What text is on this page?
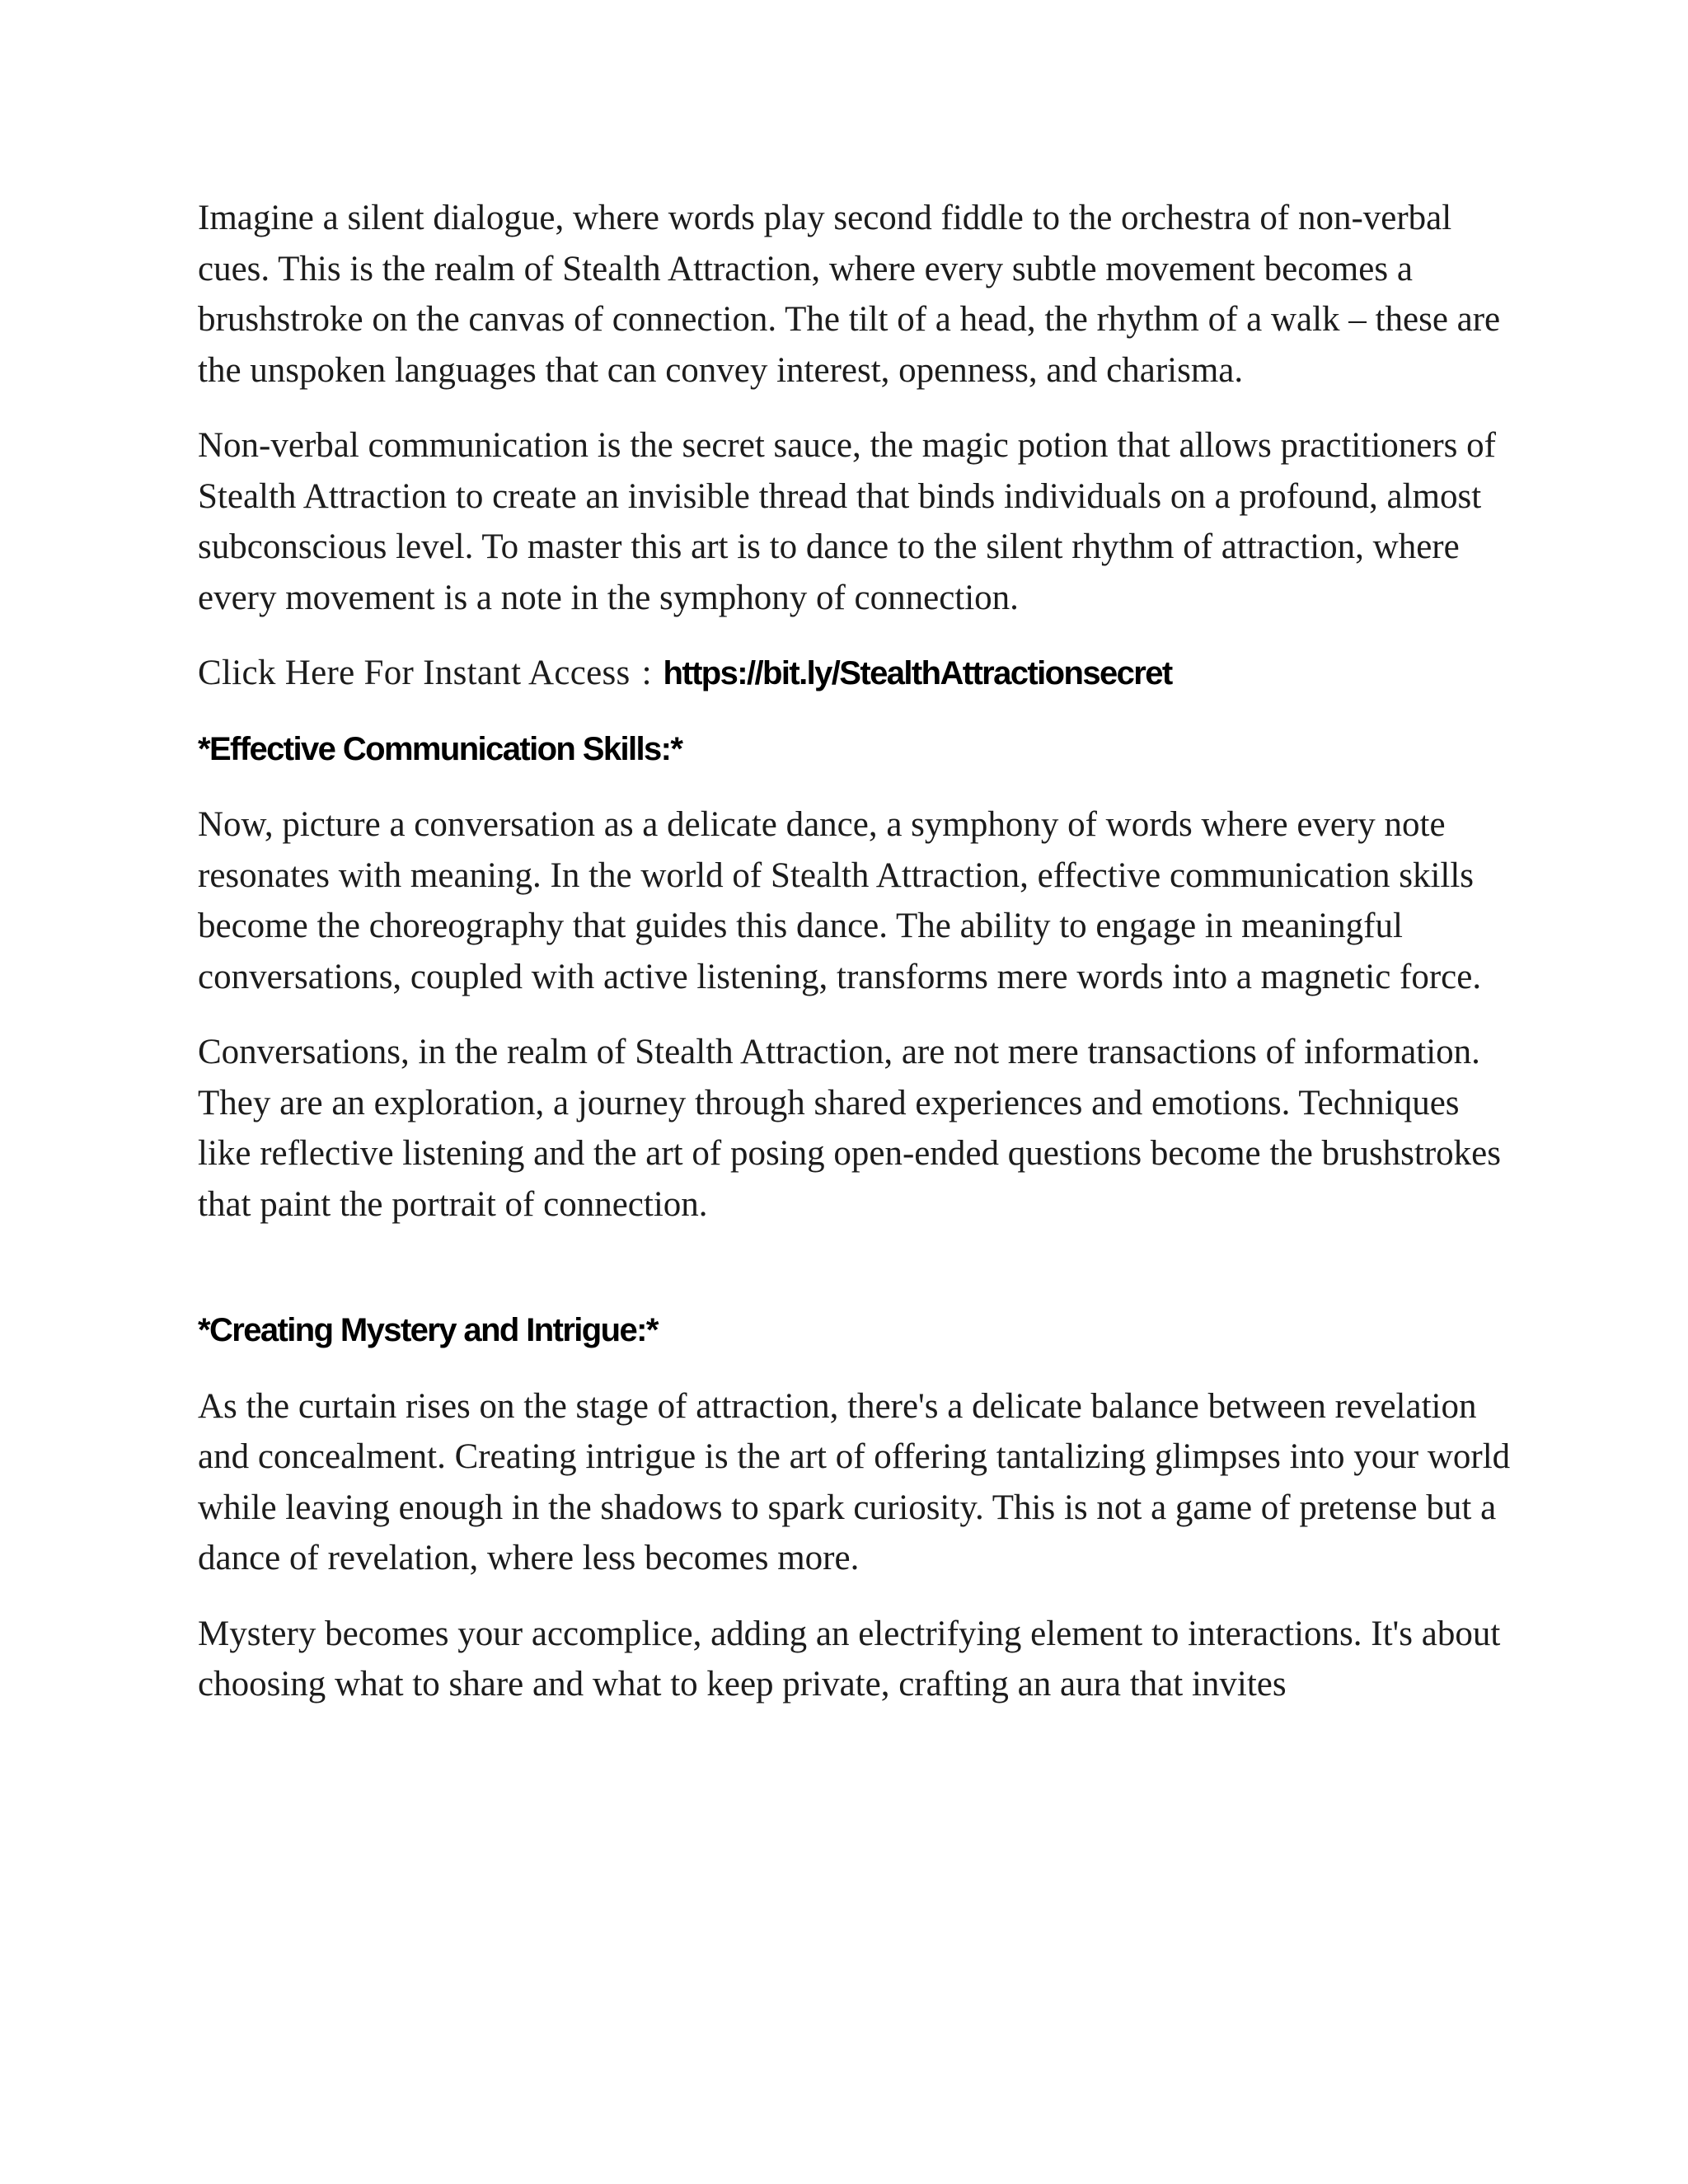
Imagine a silent dialogue, where words play second fiddle to the orchestra of non-verbal cues. This is the realm of Stealth Attraction, where every subtle movement becomes a brushstroke on the canvas of connection. The tilt of a head, the rhythm of a walk – these are the unspoken languages that can convey interest, openness, and charisma.

Non-verbal communication is the secret sauce, the magic potion that allows practitioners of Stealth Attraction to create an invisible thread that binds individuals on a profound, almost subconscious level. To master this art is to dance to the silent rhythm of attraction, where every movement is a note in the symphony of connection.

Click Here For Instant Access : https://bit.ly/StealthAttractionsecret
*Effective Communication Skills:*

Now, picture a conversation as a delicate dance, a symphony of words where every note resonates with meaning. In the world of Stealth Attraction, effective communication skills become the choreography that guides this dance. The ability to engage in meaningful conversations, coupled with active listening, transforms mere words into a magnetic force.

Conversations, in the realm of Stealth Attraction, are not mere transactions of information. They are an exploration, a journey through shared experiences and emotions. Techniques like reflective listening and the art of posing open-ended questions become the brushstrokes that paint the portrait of connection.

*Creating Mystery and Intrigue:*

As the curtain rises on the stage of attraction, there's a delicate balance between revelation and concealment. Creating intrigue is the art of offering tantalizing glimpses into your world while leaving enough in the shadows to spark curiosity. This is not a game of pretense but a dance of revelation, where less becomes more.

Mystery becomes your accomplice, adding an electrifying element to interactions. It's about choosing what to share and what to keep private, crafting an aura that invites
